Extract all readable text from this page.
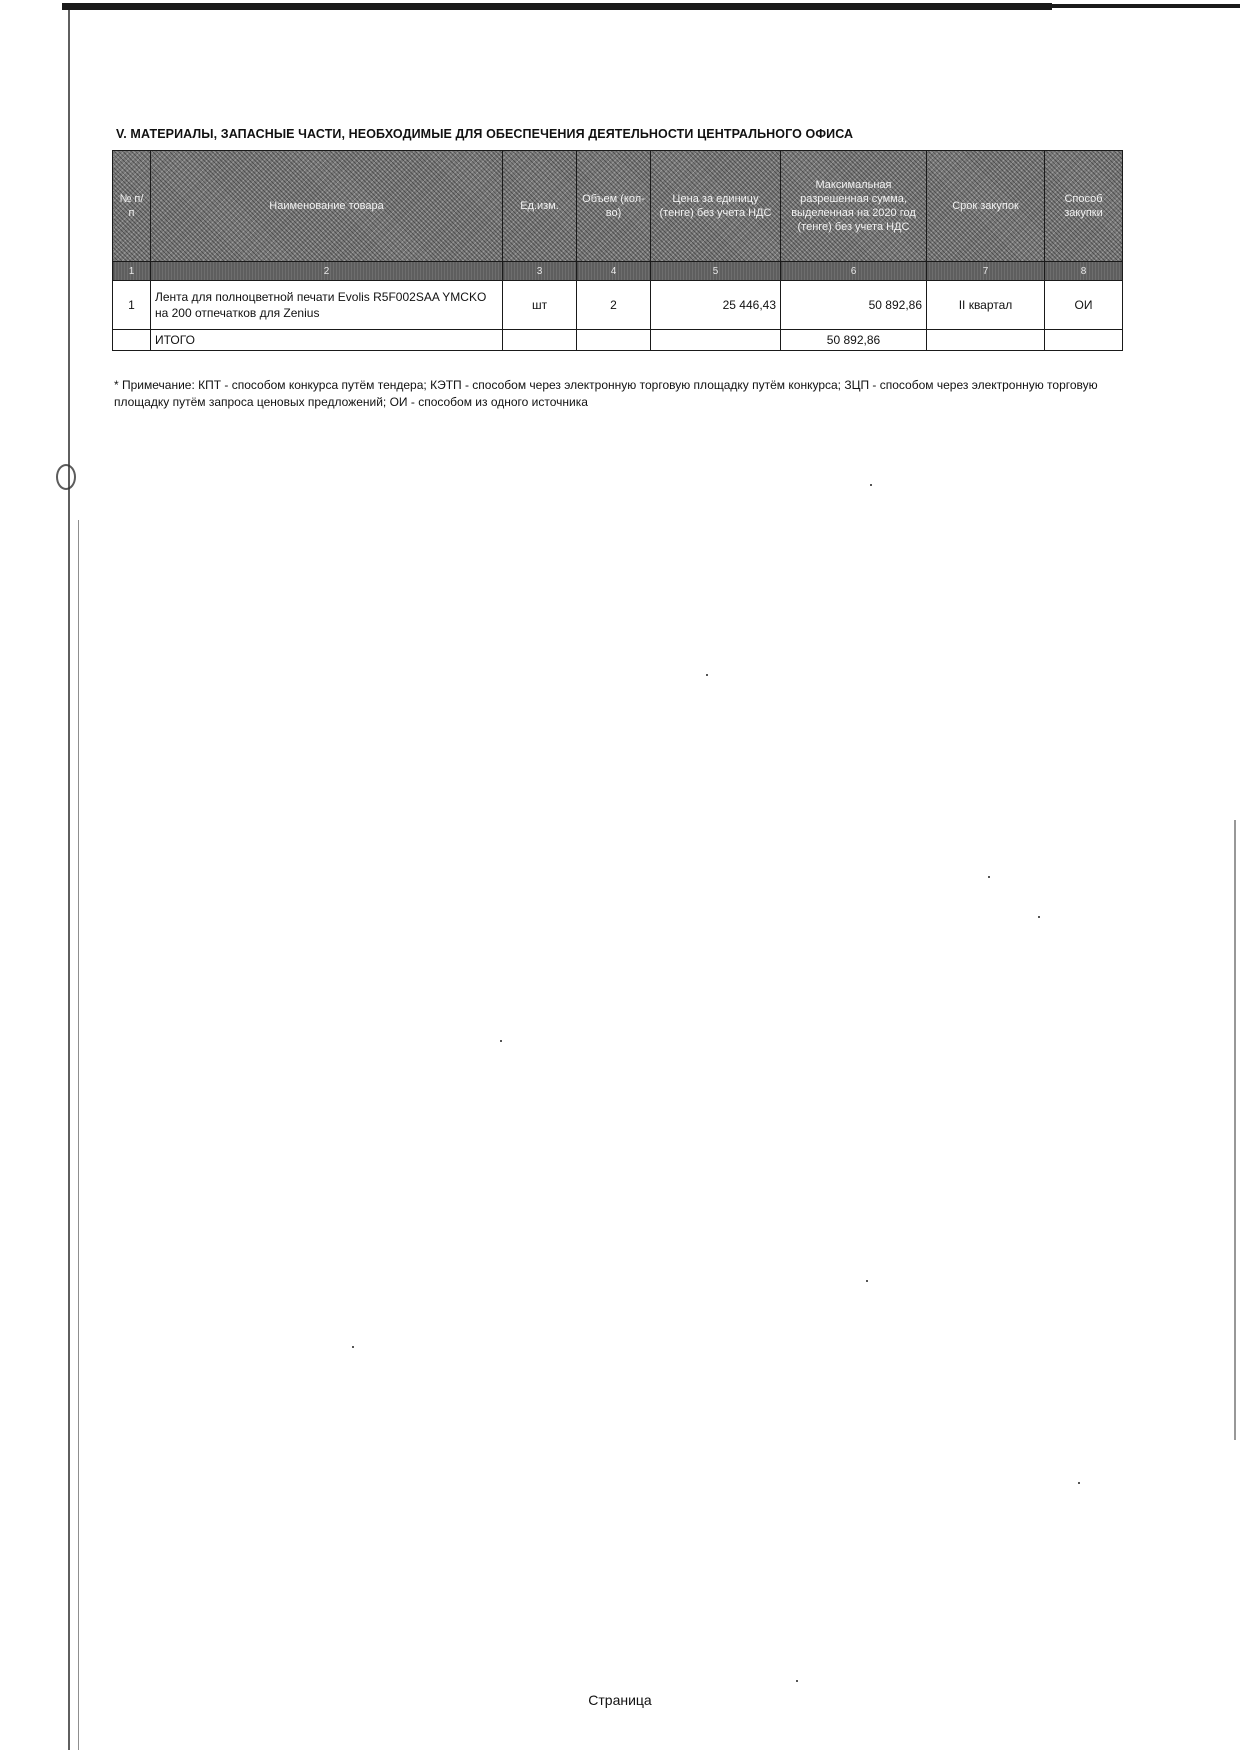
V. МАТЕРИАЛЫ, ЗАПАСНЫЕ ЧАСТИ, НЕОБХОДИМЫЕ ДЛЯ ОБЕСПЕЧЕНИЯ ДЕЯТЕЛЬНОСТИ ЦЕНТРАЛЬНОГО ОФИСА
№ п/п	Наименование товара	Ед.изм.	Объем (кол-во)	Цена за единицу (тенге) без учета НДС	Максимальная разрешенная сумма, выделенная на 2020 год (тенге) без учета НДС	Срок закупок	Способ закупки
1	2	3	4	5	6	7	8
1	Лента для полноцветной печати Evolis R5F002SAA YMCKO на 200 отпечатков для Zenius	шт	2	25 446,43	50 892,86	II квартал	ОИ
	ИТОГО				50 892,86		
* Примечание: КПТ - способом конкурса путём тендера; КЭТП - способом через электронную торговую площадку путём конкурса; ЗЦП - способом через электронную торговую площадку путём запроса ценовых предложений; ОИ - способом из одного источника
Страница
